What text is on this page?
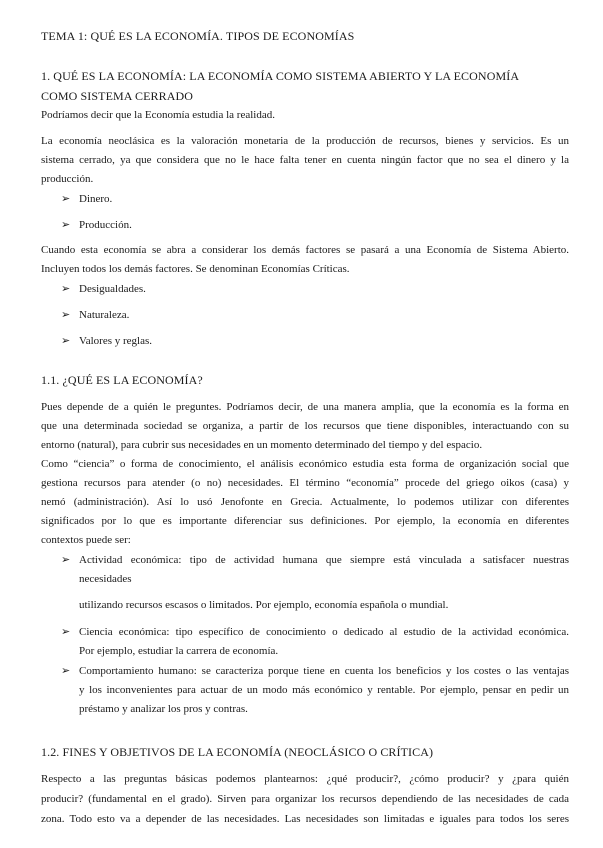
TEMA 1: QUÉ ES LA ECONOMÍA. TIPOS DE ECONOMÍAS
1. QUÉ ES LA ECONOMÍA: LA ECONOMÍA COMO SISTEMA ABIERTO Y LA ECONOMÍA
COMO SISTEMA CERRADO
Podríamos decir que la Economía estudia la realidad.
La economía neoclásica es la valoración monetaria de la producción de recursos, bienes y servicios. Es un
sistema cerrado, ya que considera que no le hace falta tener en cuenta ningún factor que no sea el dinero y la
producción.
➢ Dinero.
➢ Producción.
Cuando esta economía se abra a considerar los demás factores se pasará a una Economía de Sistema Abierto.
Incluyen todos los demás factores. Se denominan Economías Críticas.
➢ Desigualdades.
➢ Naturaleza.
➢ Valores y reglas.
1.1. ¿QUÉ ES LA ECONOMÍA?
Pues depende de a quién le preguntes. Podríamos decir, de una manera amplia, que la economía es la forma en
que una determinada sociedad se organiza, a partir de los recursos que tiene disponibles, interactuando con su
entorno (natural), para cubrir sus necesidades en un momento determinado del tiempo y del espacio.
Como “ciencia” o forma de conocimiento, el análisis económico estudia esta forma de organización social que
gestiona recursos para atender (o no) necesidades. El término “economía” procede del griego oikos (casa) y
nemó (administración). Así lo usó Jenofonte en Grecia. Actualmente, lo podemos utilizar con diferentes
significados por lo que es importante diferenciar sus definiciones. Por ejemplo, la economía en diferentes
contextos puede ser:
➢ Actividad económica: tipo de actividad humana que siempre está vinculada a satisfacer nuestras
necesidades
utilizando recursos escasos o limitados. Por ejemplo, economía española o mundial.
➢ Ciencia económica: tipo específico de conocimiento o dedicado al estudio de la actividad económica.
Por ejemplo, estudiar la carrera de economía.
➢ Comportamiento humano: se caracteriza porque tiene en cuenta los beneficios y los costes o las ventajas
y los inconvenientes para actuar de un modo más económico y rentable. Por ejemplo, pensar en pedir un
préstamo y analizar los pros y contras.
1.2. FINES Y OBJETIVOS DE LA ECONOMÍA (NEOCLÁSICO O CRÍTICA)
Respecto a las preguntas básicas podemos plantearnos: ¿qué producir?, ¿cómo producir? y ¿para quién
producir? (fundamental en el grado). Sirven para organizar los recursos dependiendo de las necesidades de cada
zona. Todo esto va a depender de las necesidades. Las necesidades son limitadas e iguales para todos los seres
